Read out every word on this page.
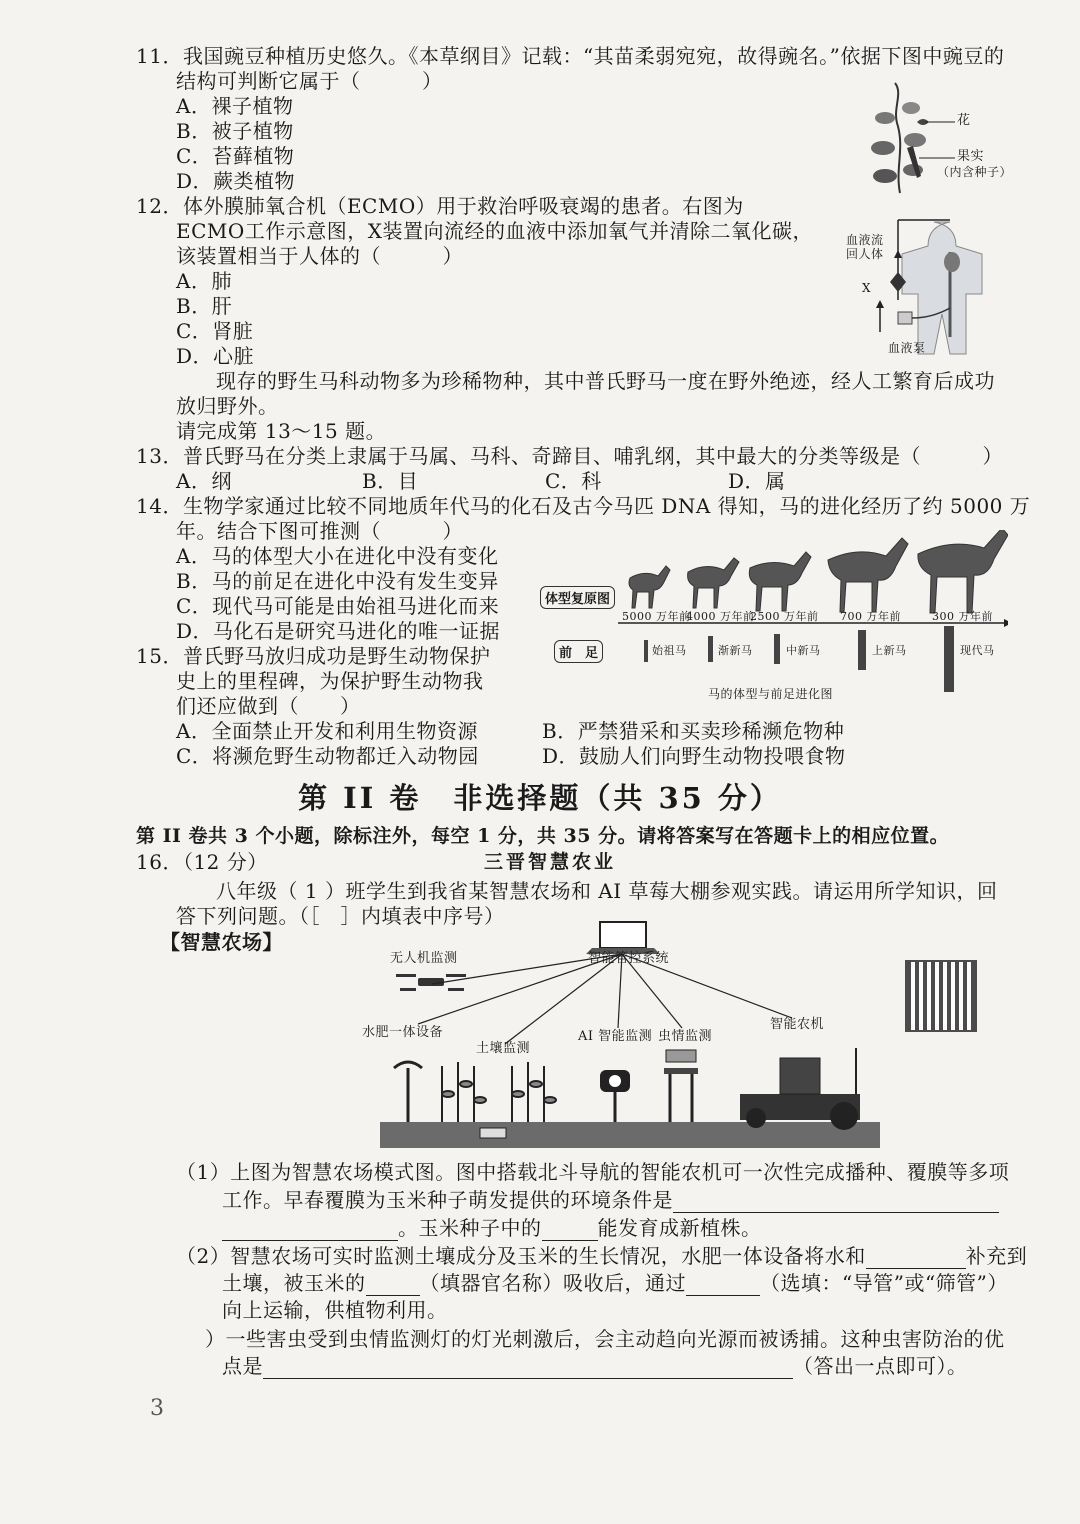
11．我国豌豆种植历史悠久。《本草纲目》记载：“其苗柔弱宛宛，故得豌名。”依据下图中豌豆的
结构可判断它属于（　　　）
A．裸子植物
B．被子植物
C．苔藓植物
D．蕨类植物
花
果实
（内含种子）
12．体外膜肺氧合机（ECMO）用于救治呼吸衰竭的患者。右图为
ECMO工作示意图，X装置向流经的血液中添加氧气并清除二氧化碳，
该装置相当于人体的（　　　）
A．肺
B．肝
C．肾脏
D．心脏
血液流
回人体
X
血液泵
现存的野生马科动物多为珍稀物种，其中普氏野马一度在野外绝迹，经人工繁育后成功
放归野外。
请完成第 13～15 题。
13．普氏野马在分类上隶属于马属、马科、奇蹄目、哺乳纲，其中最大的分类等级是（　　　）
A．纲	B．目	C．科	D．属
14．生物学家通过比较不同地质年代马的化石及古今马匹 DNA 得知，马的进化经历了约 5000 万
年。结合下图可推测（　　　）
A．马的体型大小在进化中没有变化
B．马的前足在进化中没有发生变异
C．现代马可能是由始祖马进化而来
D．马化石是研究马进化的唯一证据
体型复原图
前　足
5000 万年前
4000 万年前
2500 万年前 700 万年前	300 万年前
始祖马	渐新马	中新马	上新马	现代马
马的体型与前足进化图
15．普氏野马放归成功是野生动物保护
史上的里程碑，为保护野生动物我
们还应做到（　　）
A．全面禁止开发和利用生物资源	B．严禁猎采和买卖珍稀濒危物种
C．将濒危野生动物都迁入动物园	D．鼓励人们向野生动物投喂食物
第 II 卷　非选择题（共 35 分）
第 II 卷共 3 个小题，除标注外，每空 1 分，共 35 分。请将答案写在答题卡上的相应位置。
16．（12 分）	三晋智慧农业
八年级（ 1 ）班学生到我省某智慧农场和 AI 草莓大棚参观实践。请运用所学知识，回
答下列问题。（［　］内填表中序号）
【智慧农场】
无人机监测	智能管控系统
水肥一体设备
土壤监测
AI 智能监测 虫情监测
智能农机
（1）上图为智慧农场模式图。图中搭载北斗导航的智能农机可一次性完成播种、覆膜等多项
工作。早春覆膜为玉米种子萌发提供的环境条件是
。玉米种子中的	能发育成新植株。
（2）智慧农场可实时监测土壤成分及玉米的生长情况，水肥一体设备将水和	补充到
土壤，被玉米的	（填器官名称）吸收后，通过	（选填：“导管”或“筛管”）
向上运输，供植物利用。
）一些害虫受到虫情监测灯的灯光刺激后，会主动趋向光源而被诱捕。这种虫害防治的优
点是	（答出一点即可）。
3
